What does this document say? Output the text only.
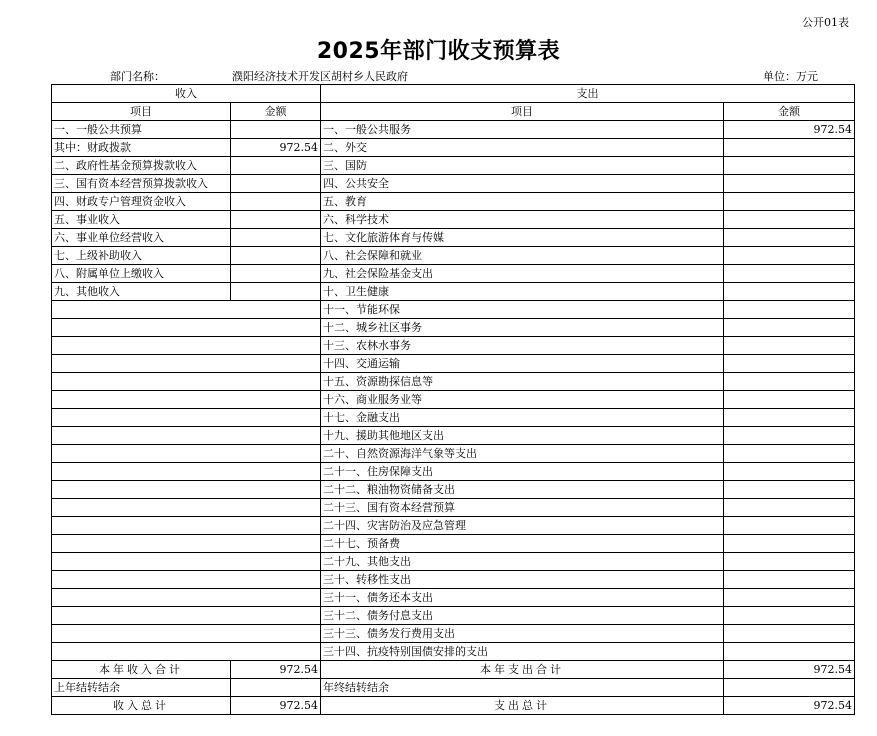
公开01表
2025年部门收支预算表
部门名称：	濮阳经济技术开发区胡村乡人民政府	单位：万元
收入		支出	
项目	金额	项目	金额
一、一般公共预算		一、一般公共服务	972.54
其中：财政拨款	972.54	二、外交	
二、政府性基金预算拨款收入		三、国防	
三、国有资本经营预算拨款收入		四、公共安全	
四、财政专户管理资金收入		五、教育	
五、事业收入		六、科学技术	
六、事业单位经营收入		七、文化旅游体育与传媒	
七、上级补助收入		八、社会保障和就业	
八、附属单位上缴收入		九、社会保险基金支出	
九、其他收入		十、卫生健康	
		十一、节能环保	
		十二、城乡社区事务	
		十三、农林水事务	
		十四、交通运输	
		十五、资源勘探信息等	
		十六、商业服务业等	
		十七、金融支出	
		十九、援助其他地区支出	
		二十、自然资源海洋气象等支出	
		二十一、住房保障支出	
		二十二、粮油物资储备支出	
		二十三、国有资本经营预算	
		二十四、灾害防治及应急管理	
		二十七、预备费	
		二十九、其他支出	
		三十、转移性支出	
		三十一、债务还本支出	
		三十二、债务付息支出	
		三十三、债务发行费用支出	
		三十四、抗疫特别国债安排的支出	
本年收入合计	972.54	本年支出合计	972.54
上年结转结余		年终结转结余	
收入总计	972.54	支出总计	972.54
